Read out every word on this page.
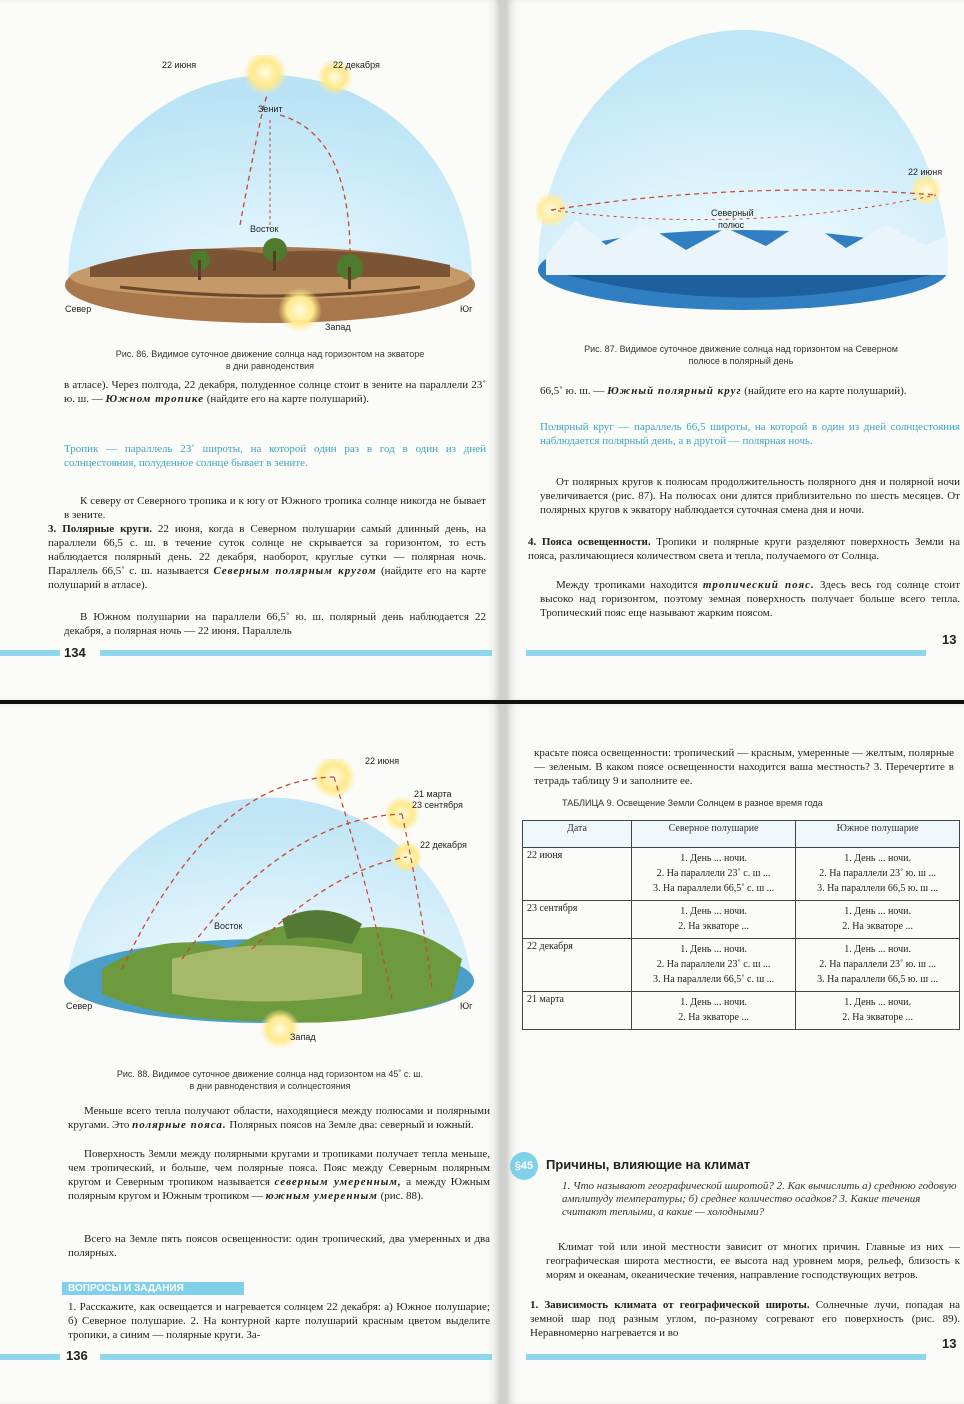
22 июня	22 декабря
Зенит
Восток
Север	Юг
Запад
Рис. 86. Видимое суточное движение солнца над горизонтом на экваторе
в дни равноденствия
в атласе). Через полгода, 22 декабря, полуденное солнце стоит в зените на параллели 23˚ ю. ш. — Южном тропике (найдите его на карте полушарий).
Тропик — параллель 23˚ широты, на которой один раз в год в один из дней солнцестояния, полуденное солнце бывает в зените.
К северу от Северного тропика и к югу от Южного тропика солнце никогда не бывает в зените.
3. Полярные круги. 22 июня, когда в Северном полушарии самый длинный день, на параллели 66,5 с. ш. в течение суток солнце не скрывается за горизонтом, то есть наблюдается полярный день. 22 декабря, наоборот, круглые сутки — полярная ночь. Параллель 66,5˚ с. ш. называется Северным полярным кругом (найдите его на карте полушарий в атласе).
В Южном полушарии на параллели 66,5˚ ю. ш. полярный день наблюдается 22 декабря, а полярная ночь — 22 июня. Параллель
134
22 июня
Северный
полюс
Рис. 87. Видимое суточное движение солнца над горизонтом на Северном
полюсе в полярный день
66,5˚ ю. ш. — Южный полярный круг (найдите его на карте полушарий).
Полярный круг — параллель 66,5 широты, на которой в один из дней солнцестояния наблюдается полярный день, а в другой — полярная ночь.
От полярных кругов к полюсам продолжительность полярного дня и полярной ночи увеличивается (рис. 87). На полюсах они длятся приблизительно по шесть месяцев. От полярных кругов к экватору наблюдается суточная смена дня и ночи.
4. Пояса освещенности. Тропики и полярные круги разделяют поверхность Земли на пояса, различающиеся количеством света и тепла, получаемого от Солнца.
Между тропиками находится тропический пояс. Здесь весь год солнце стоит высоко над горизонтом, поэтому земная поверхность получает больше всего тепла. Тропический пояс еще называют жарким поясом.
13
22 июня
21 марта
23 сентября
22 декабря
Восток
Север	Юг
Запад
Рис. 88. Видимое суточное движение солнца над горизонтом на 45˚ с. ш.
в дни равноденствия и солнцестояния
Меньше всего тепла получают области, находящиеся между полюсами и полярными кругами. Это полярные пояса. Полярных поясов на Земле два: северный и южный.
Поверхность Земли между полярными кругами и тропиками получает тепла меньше, чем тропический, и больше, чем полярные пояса. Пояс между Северным полярным кругом и Северным тропиком называется северным умеренным, а между Южным полярным кругом и Южным тропиком — южным умеренным (рис. 88).
Всего на Земле пять поясов освещенности: один тропический, два умеренных и два полярных.
ВОПРОСЫ И ЗАДАНИЯ
1. Расскажите, как освещается и нагревается солнцем 22 декабря: а) Южное полушарие; б) Северное полушарие. 2. На контурной карте полушарий красным цветом выделите тропики, а синим — полярные круги. За-
136
красьте пояса освещенности: тропический — красным, умеренные — желтым, полярные — зеленым. В каком поясе освещенности находится ваша местность? 3. Перечертите в тетрадь таблицу 9 и заполните ее.
ТАБЛИЦА 9. Освещение Земли Солнцем в разное время года
Дата	Северное полушарие	Южное полушарие
22 июня	1. День ... ночи.
2. На параллели 23˚ с. ш ...
3. На параллели 66,5˚ с. ш ...	1. День ... ночи.
2. На параллели 23˚ ю. ш ...
3. На параллели 66,5 ю. ш ...

23 сентября	1. День ... ночи.
2. На экваторе ...	1. День ... ночи.
2. На экваторе ...

22 декабря	1. День ... ночи.
2. На параллели 23˚ с. ш ...
3. На параллели 66,5˚ с. ш ...	1. День ... ночи.
2. На параллели 23˚ ю. ш ...
3. На параллели 66,5 ю. ш ...

21 марта	1. День ... ночи.
2. На экваторе ...	1. День ... ночи.
2. На экваторе ...
§45 Причины, влияющие на климат
1. Что называют географической широтой? 2. Как вычислить а) среднюю годовую амплитуду температуры; б) среднее количество осадков? 3. Какие течения считают теплыми, а какие — холодными?
Климат той или иной местности зависит от многих причин. Главные из них — географическая широта местности, ее высота над уровнем моря, рельеф, близость к морям и океанам, океанические течения, направление господствующих ветров.
1. Зависимость климата от географической широты. Солнечные лучи, попадая на земной шар под разным углом, по-разному согревают его поверхность (рис. 89). Неравномерно нагревается и во
13
